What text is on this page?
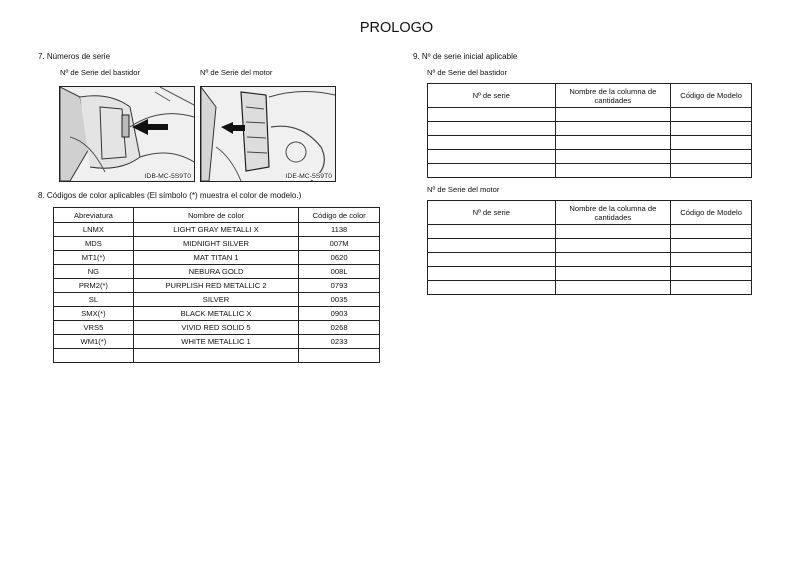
PROLOGO
7. Números de serie
Nº de Serie del bastidor	Nº de Serie del motor
IDB-MC-5S9T0	IDE-MC-5S9T0
8. Códigos de color aplicables (El símbolo (*) muestra el color de modelo.)
Abreviatura	Nombre de color	Código de color
LNMX	LIGHT GRAY METALLI X	1138
MDS	MIDNIGHT SILVER	007M
MT1(*)	MAT TITAN 1	0620
NG	NEBURA GOLD	008L
PRM2(*)	PURPLISH RED METALLIC 2	0793
SL	SILVER	0035
SMX(*)	BLACK METALLIC X	0903
VRS5	VIVID RED SOLID 5	0268
WM1(*)	WHITE METALLIC 1	0233

9. Nº de serie inicial aplicable
Nº de Serie del bastidor
Nº de serie	Nombre de la columna de cantidades	Código de Modelo

Nº de Serie del motor
Nº de serie	Nombre de la columna de cantidades	Código de Modelo
